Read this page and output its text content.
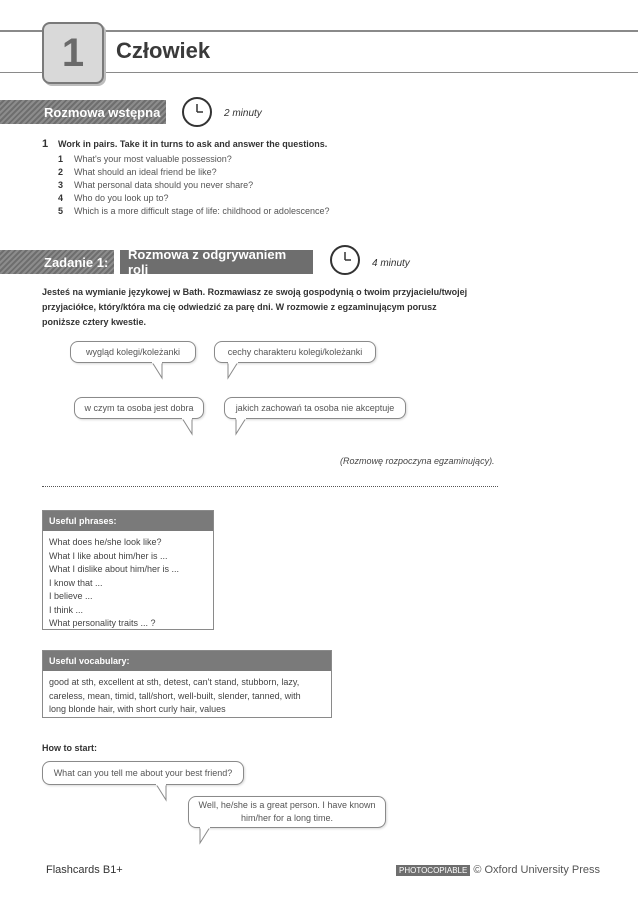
1 Człowiek
Rozmowa wstępna	2 minuty
1 Work in pairs. Take it in turns to ask and answer the questions.
1	What's your most valuable possession?
2	What should an ideal friend be like?
3	What personal data should you never share?
4	Who do you look up to?
5	Which is a more difficult stage of life: childhood or adolescence?
Zadanie 1: Rozmowa z odgrywaniem roli	4 minuty
Jesteś na wymianie językowej w Bath. Rozmawiasz ze swoją gospodynią o twoim przyjacielu/twojej
przyjaciółce, który/która ma cię odwiedzić za parę dni. W rozmowie z egzaminującym porusz
poniższe cztery kwestie.
wygląd kolegi/koleżanki	cechy charakteru kolegi/koleżanki
w czym ta osoba jest dobra	jakich zachowań ta osoba nie akceptuje
(Rozmowę rozpoczyna egzaminujący).
Useful phrases:
What does he/she look like?
What I like about him/her is ...
What I dislike about him/her is ...
I know that ...
I believe ...
I think ...
What personality traits ... ?
Useful vocabulary:
good at sth, excellent at sth, detest, can't stand, stubborn, lazy,
careless, mean, timid, tall/short, well-built, slender, tanned, with
long blonde hair, with short curly hair, values
How to start:
What can you tell me about your best friend?
Well, he/she is a great person. I have known
him/her for a long time.
Flashcards B1+	PHOTOCOPIABLE © Oxford University Press
